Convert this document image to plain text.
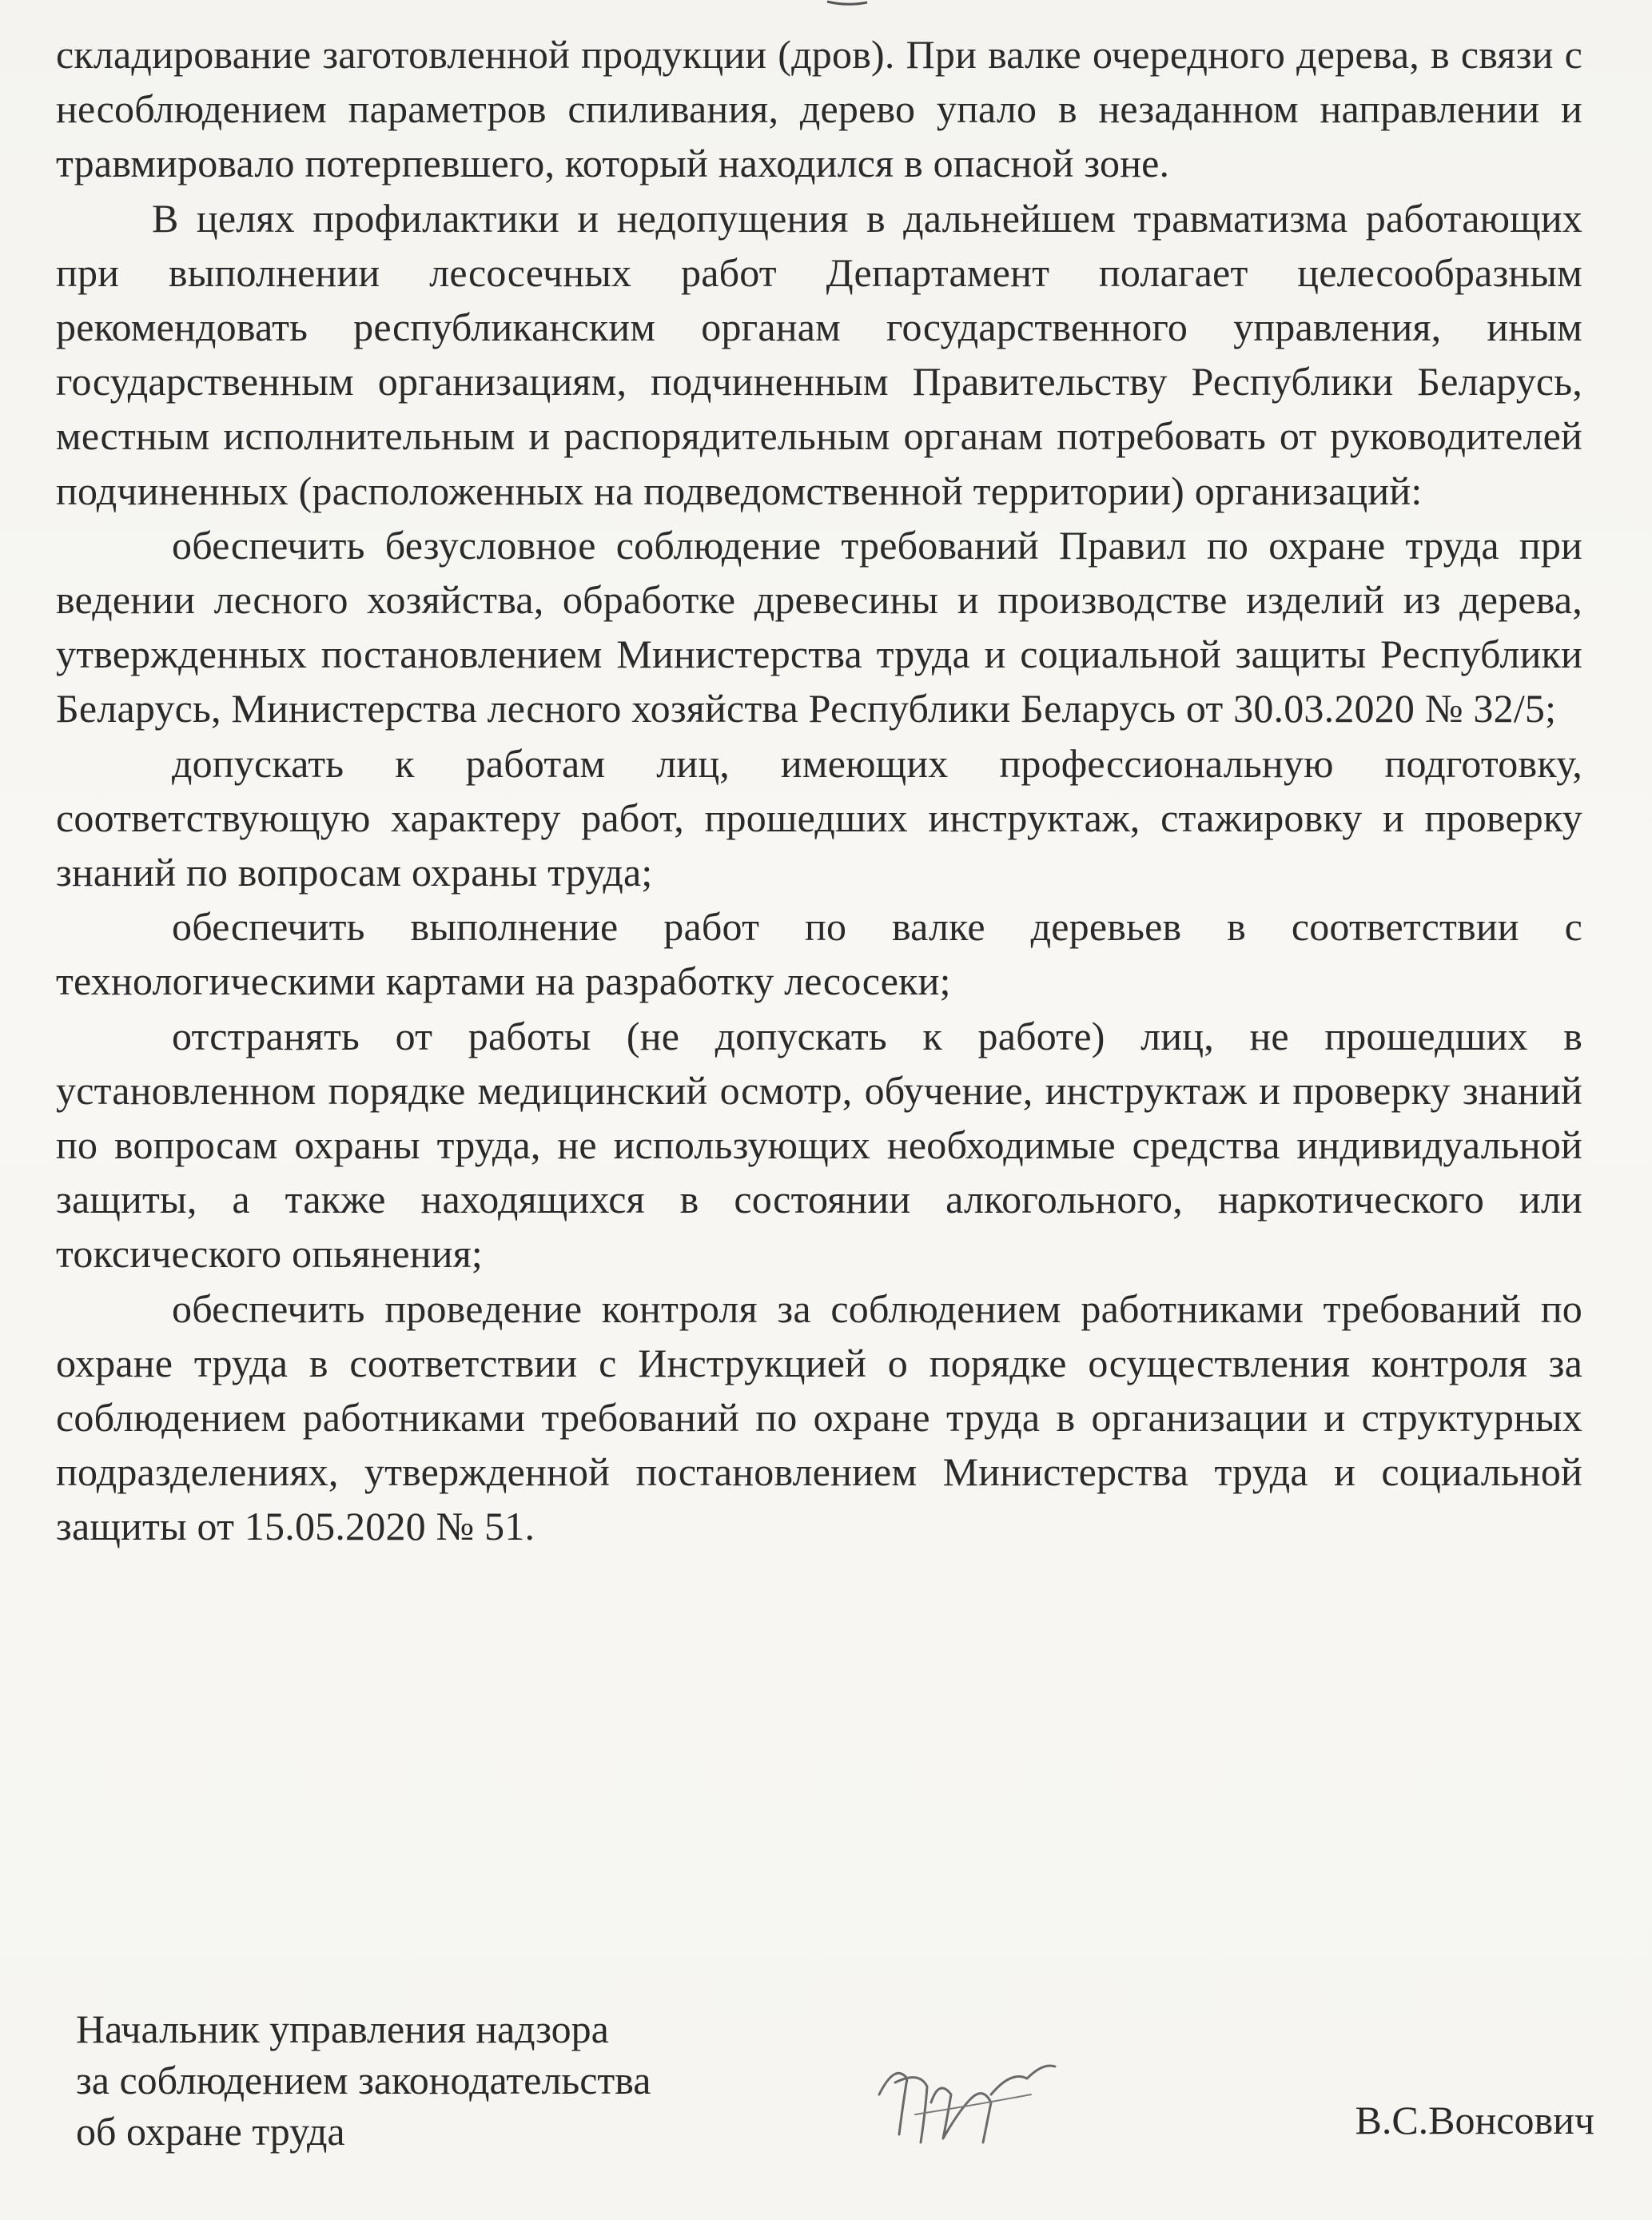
складирование заготовленной продукции (дров). При валке очередного дерева, в связи с несоблюдением параметров спиливания, дерево упало в незаданном направлении и травмировало потерпевшего, который находился в опасной зоне.

В целях профилактики и недопущения в дальнейшем травматизма работающих при выполнении лесосечных работ Департамент полагает целесообразным рекомендовать республиканским органам государственного управления, иным государственным организациям, подчиненным Правительству Республики Беларусь, местным исполнительным и распорядительным органам потребовать от руководителей подчиненных (расположенных на подведомственной территории) организаций:

обеспечить безусловное соблюдение требований Правил по охране труда при ведении лесного хозяйства, обработке древесины и производстве изделий из дерева, утвержденных постановлением Министерства труда и социальной защиты Республики Беларусь, Министерства лесного хозяйства Республики Беларусь от 30.03.2020 № 32/5;

допускать к работам лиц, имеющих профессиональную подготовку, соответствующую характеру работ, прошедших инструктаж, стажировку и проверку знаний по вопросам охраны труда;

обеспечить выполнение работ по валке деревьев в соответствии с технологическими картами на разработку лесосеки;

отстранять от работы (не допускать к работе) лиц, не прошедших в установленном порядке медицинский осмотр, обучение, инструктаж и проверку знаний по вопросам охраны труда, не использующих необходимые средства индивидуальной защиты, а также находящихся в состоянии алкогольного, наркотического или токсического опьянения;

обеспечить проведение контроля за соблюдением работниками требований по охране труда в соответствии с Инструкцией о порядке осуществления контроля за соблюдением работниками требований по охране труда в организации и структурных подразделениях, утвержденной постановлением Министерства труда и социальной защиты от 15.05.2020 № 51.

Начальник управления надзора
за соблюдением законодательства
об охране труда	В.С.Вонсович
